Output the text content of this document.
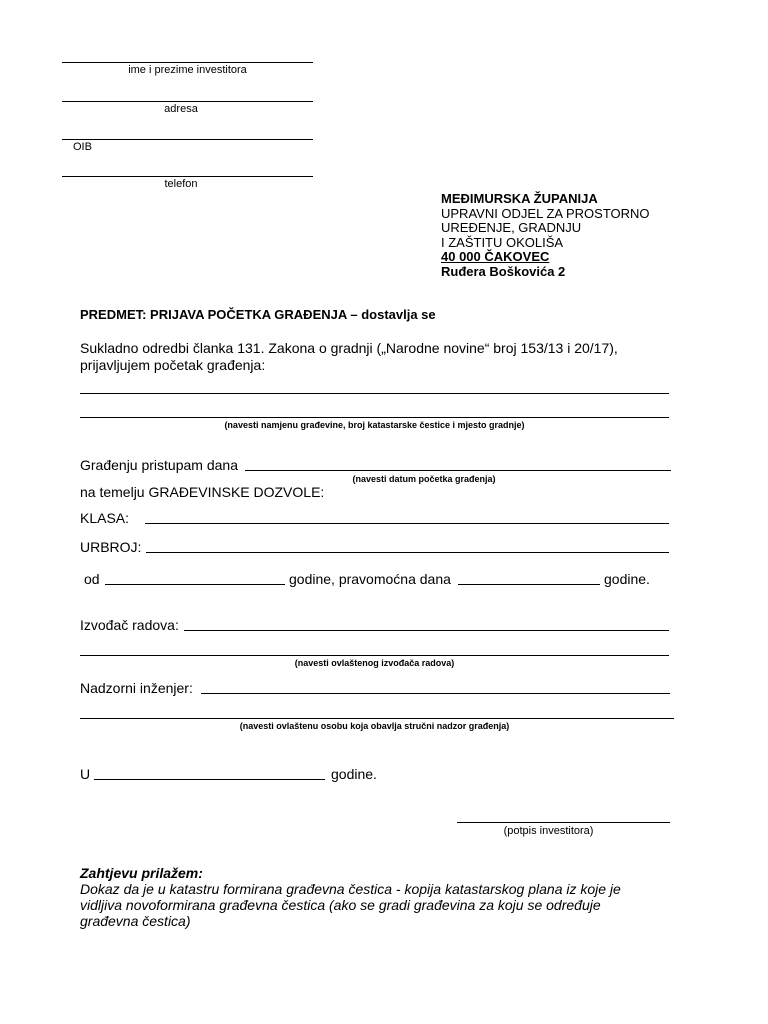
ime i prezime investitora
adresa
OIB
telefon
MEĐIMURSKA ŽUPANIJA
UPRAVNI ODJEL ZA PROSTORNO
UREĐENJE, GRADNJU
I ZAŠTITU OKOLIŠA
40 000 ČAKOVEC
Ruđera Boškovića 2
PREDMET: PRIJAVA POČETKA GRAĐENJA – dostavlja se
Sukladno odredbi članka 131. Zakona o gradnji („Narodne novine“ broj 153/13 i 20/17),
prijavljujem početak građenja:
(navesti namjenu građevine, broj katastarske čestice i mjesto gradnje)
Građenju pristupam dana
(navesti datum početka građenja)
na temelju GRAĐEVINSKE DOZVOLE:
KLASA:
URBROJ:
od	godine, pravomoćna dana	godine.
Izvođač radova:
(navesti ovlaštenog izvođača radova)
Nadzorni inženjer:
(navesti ovlaštenu osobu koja obavlja stručni nadzor građenja)
U	godine.
(potpis investitora)
Zahtjevu prilažem:
Dokaz da je u katastru formirana građevna čestica - kopija katastarskog plana iz koje je
vidljiva novoformirana građevna čestica (ako se gradi građevina za koju se određuje
građevna čestica)
